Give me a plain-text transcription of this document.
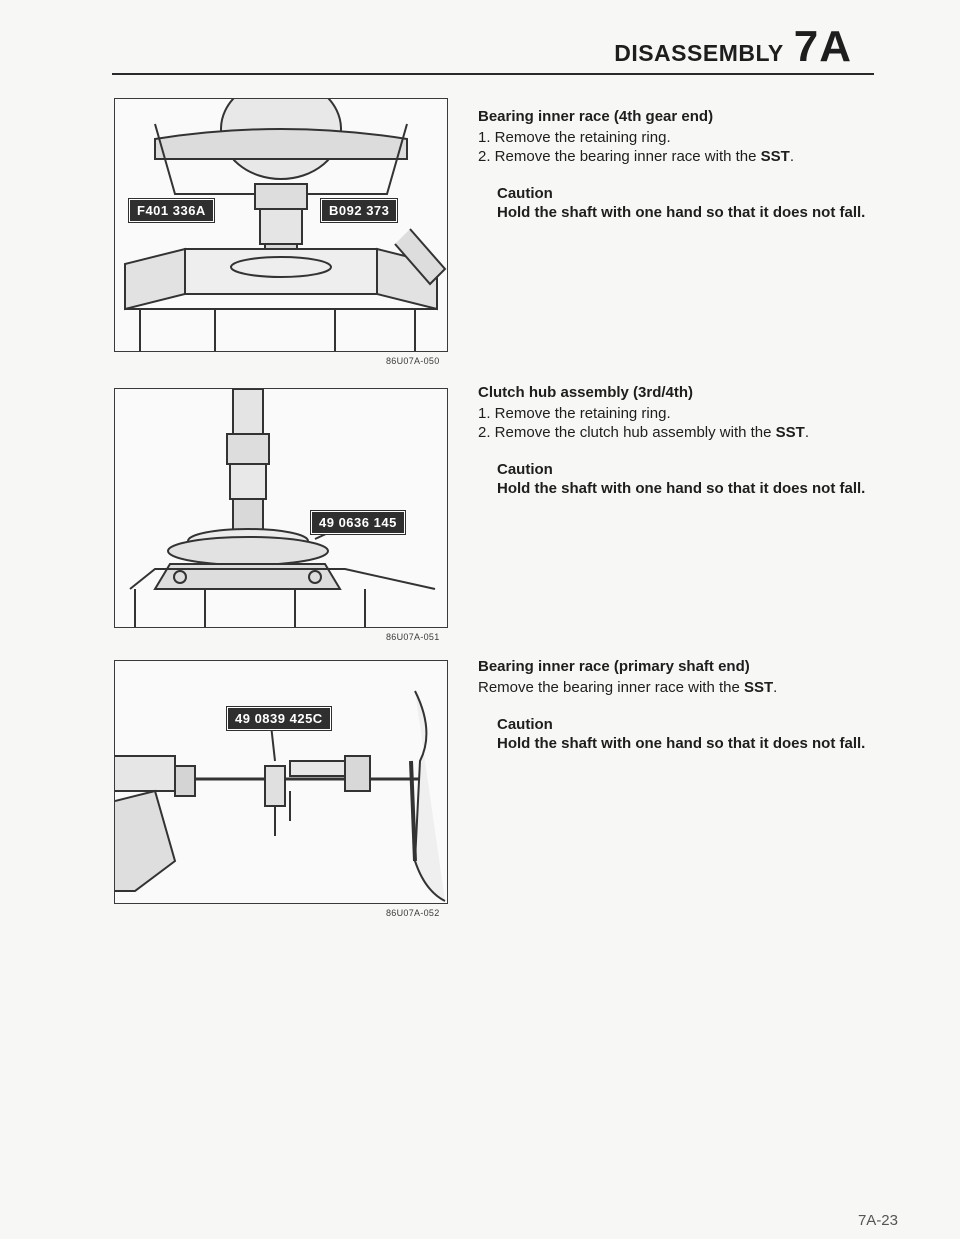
DISASSEMBLY 7A
F401 336A	B092 373
86U07A-050
49 0636 145
86U07A-051
49 0839 425C
86U07A-052

Bearing inner race (4th gear end)

1. Remove the retaining ring.

2. Remove the bearing inner race with the SST.

Caution
Hold the shaft with one hand so that it does not fall.

Clutch hub assembly (3rd/4th)

1. Remove the retaining ring.

2. Remove the clutch hub assembly with the SST.

Caution
Hold the shaft with one hand so that it does not fall.

Bearing inner race (primary shaft end)

Remove the bearing inner race with the SST.

Caution
Hold the shaft with one hand so that it does not fall.
7A-23
